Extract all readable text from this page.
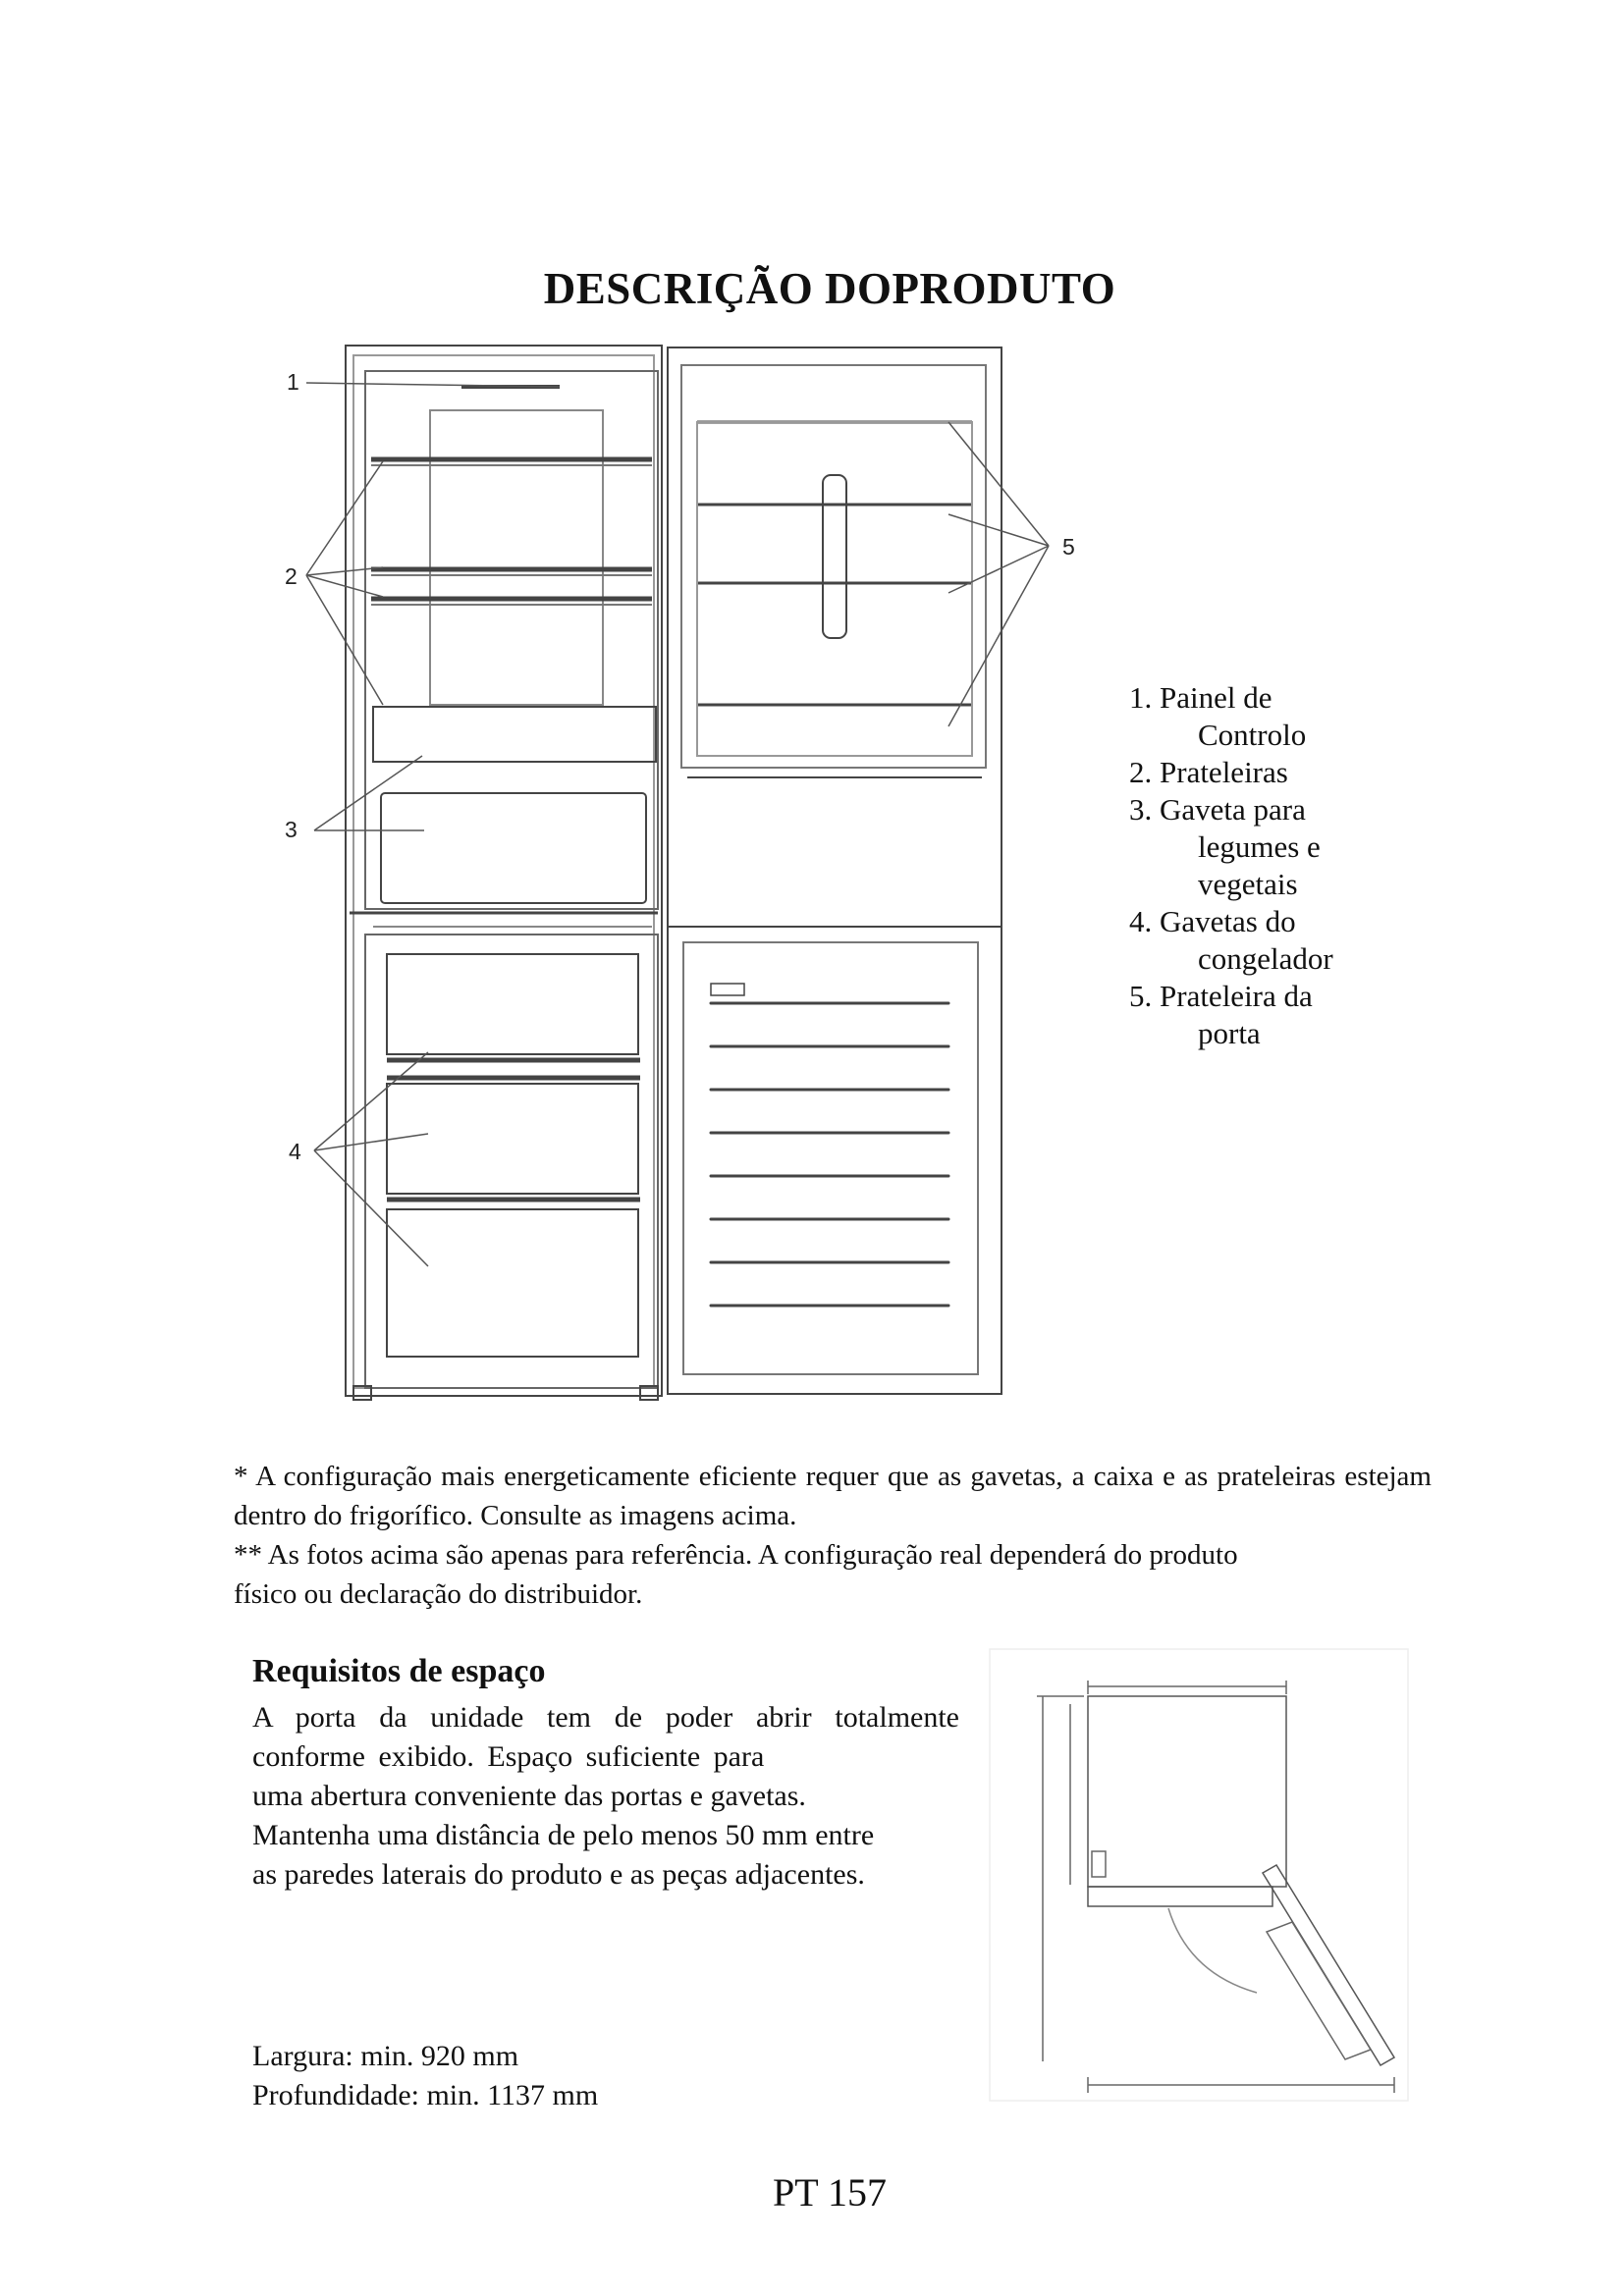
DESCRIÇÃO DOPRODUTO
1
2
3
4
5
1. Painel de
Controlo
2. Prateleiras
3. Gaveta para
legumes e
vegetais
4. Gavetas do
congelador
5. Prateleira da
porta

* A configuração mais energeticamente eficiente requer que as gavetas, a caixa e as prateleiras estejam dentro do frigorífico. Consulte as imagens acima.

** As fotos acima são apenas para referência. A configuração real dependerá do produto

físico ou declaração do distribuidor.

Requisitos de espaço

A porta da unidade tem de poder abrir totalmente

conforme exibido. Espaço suficiente para

uma abertura conveniente das portas e gavetas.

Mantenha uma distância de pelo menos 50 mm entre

as paredes laterais do produto e as peças adjacentes.

Largura: min. 920 mm

Profundidade: min. 1137 mm

PT 157
